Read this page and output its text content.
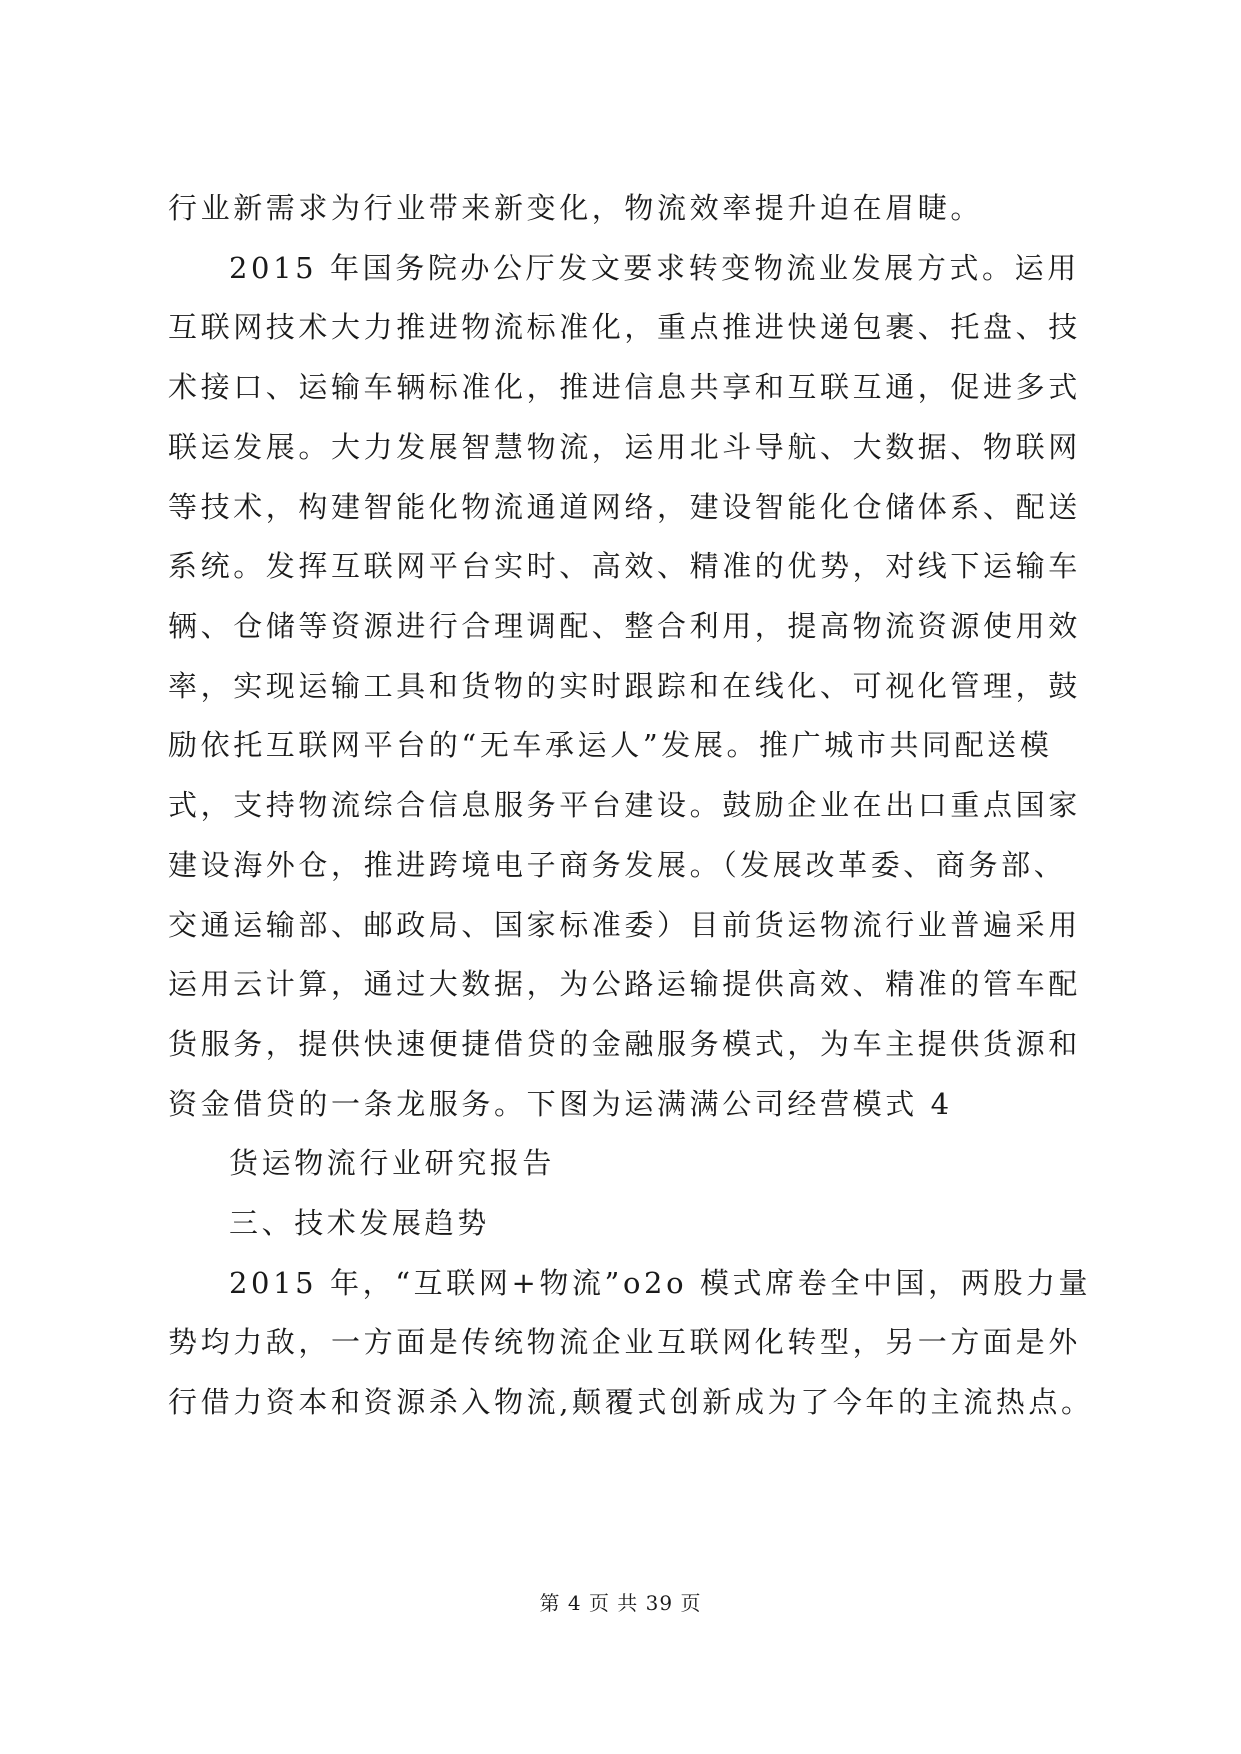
行业新需求为行业带来新变化，物流效率提升迫在眉睫。
2015 年国务院办公厅发文要求转变物流业发展方式。运用
互联网技术大力推进物流标准化，重点推进快递包裹、托盘、技
术接口、运输车辆标准化，推进信息共享和互联互通，促进多式
联运发展。大力发展智慧物流，运用北斗导航、大数据、物联网
等技术，构建智能化物流通道网络，建设智能化仓储体系、配送
系统。发挥互联网平台实时、高效、精准的优势，对线下运输车
辆、仓储等资源进行合理调配、整合利用，提高物流资源使用效
率，实现运输工具和货物的实时跟踪和在线化、可视化管理，鼓
励依托互联网平台的“无车承运人”发展。推广城市共同配送模
式，支持物流综合信息服务平台建设。鼓励企业在出口重点国家
建设海外仓，推进跨境电子商务发展。（发展改革委、商务部、
交通运输部、邮政局、国家标准委）目前货运物流行业普遍采用
运用云计算，通过大数据，为公路运输提供高效、精准的管车配
货服务，提供快速便捷借贷的金融服务模式，为车主提供货源和
资金借贷的一条龙服务。下图为运满满公司经营模式 4
货运物流行业研究报告
三、技术发展趋势
2015 年，“互联网+物流”o2o 模式席卷全中国，两股力量
势均力敌，一方面是传统物流企业互联网化转型，另一方面是外
行借力资本和资源杀入物流,颠覆式创新成为了今年的主流热点。
第 4 页 共 39 页
